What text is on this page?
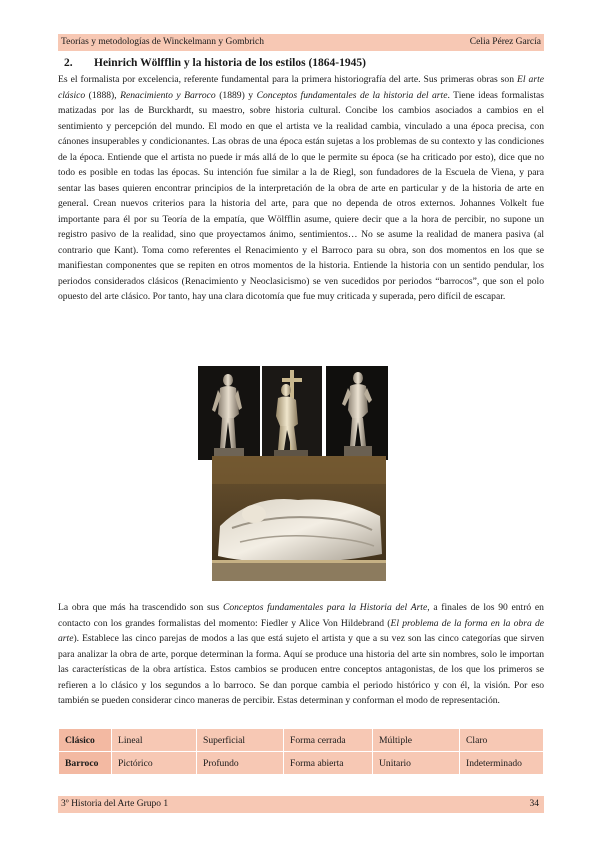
Teorías y metodologías de Winckelmann y Gombrich	Celia Pérez García
2. Heinrich Wölfflin y la historia de los estilos (1864-1945)

Es el formalista por excelencia, referente fundamental para la primera historiografía del arte. Sus primeras obras son El arte clásico (1888), Renacimiento y Barroco (1889) y Conceptos fundamentales de la historia del arte. Tiene ideas formalistas matizadas por las de Burckhardt, su maestro, sobre historia cultural. Concibe los cambios asociados a cambios en el sentimiento y percepción del mundo. El modo en que el artista ve la realidad cambia, vinculado a una época precisa, con cánones insuperables y condicionantes. Las obras de una época están sujetas a los problemas de su contexto y las condiciones de la época. Entiende que el artista no puede ir más allá de lo que le permite su época (se ha criticado por esto), dice que no todo es posible en todas las épocas. Su intención fue similar a la de Riegl, son fundadores de la Escuela de Viena, y para sentar las bases quieren encontrar principios de la interpretación de la obra de arte en particular y de la historia de arte en general. Crean nuevos criterios para la historia del arte, para que no dependa de otros externos. Johannes Volkelt fue importante para él por su Teoría de la empatía, que Wölfflin asume, quiere decir que a la hora de percibir, no supone un registro pasivo de la realidad, sino que proyectamos ánimo, sentimientos… No se asume la realidad de manera pasiva (al contrario que Kant). Toma como referentes el Renacimiento y el Barroco para su obra, son dos momentos en los que se manifiestan componentes que se repiten en otros momentos de la historia. Entiende la historia con un sentido pendular, los periodos considerados clásicos (Renacimiento y Neoclasicismo) se ven sucedidos por periodos “barrocos”, que son el polo opuesto del arte clásico. Por tanto, hay una clara dicotomía que fue muy criticada y superada, pero difícil de escapar.

La obra que más ha trascendido son sus Conceptos fundamentales para la Historia del Arte, a finales de los 90 entró en contacto con los grandes formalistas del momento: Fiedler y Alice Von Hildebrand (El problema de la forma en la obra de arte). Establece las cinco parejas de modos a las que está sujeto el artista y que a su vez son las cinco categorías que sirven para analizar la obra de arte, porque determinan la forma. Aquí se produce una historia del arte sin nombres, solo le importan las características de la obra artística. Estos cambios se producen entre conceptos antagonistas, de los que los primeros se refieren a lo clásico y los segundos a lo barroco. Se dan porque cambia el periodo histórico y con él, la visión. Por eso también se pueden considerar cinco maneras de percibir. Estas determinan y conforman el modo de representación.

Clásico	Lineal	Superficial	Forma cerrada	Múltiple	Claro
Barroco	Pictórico	Profundo	Forma abierta	Unitario	Indeterminado
3º Historia del Arte Grupo 1	34
